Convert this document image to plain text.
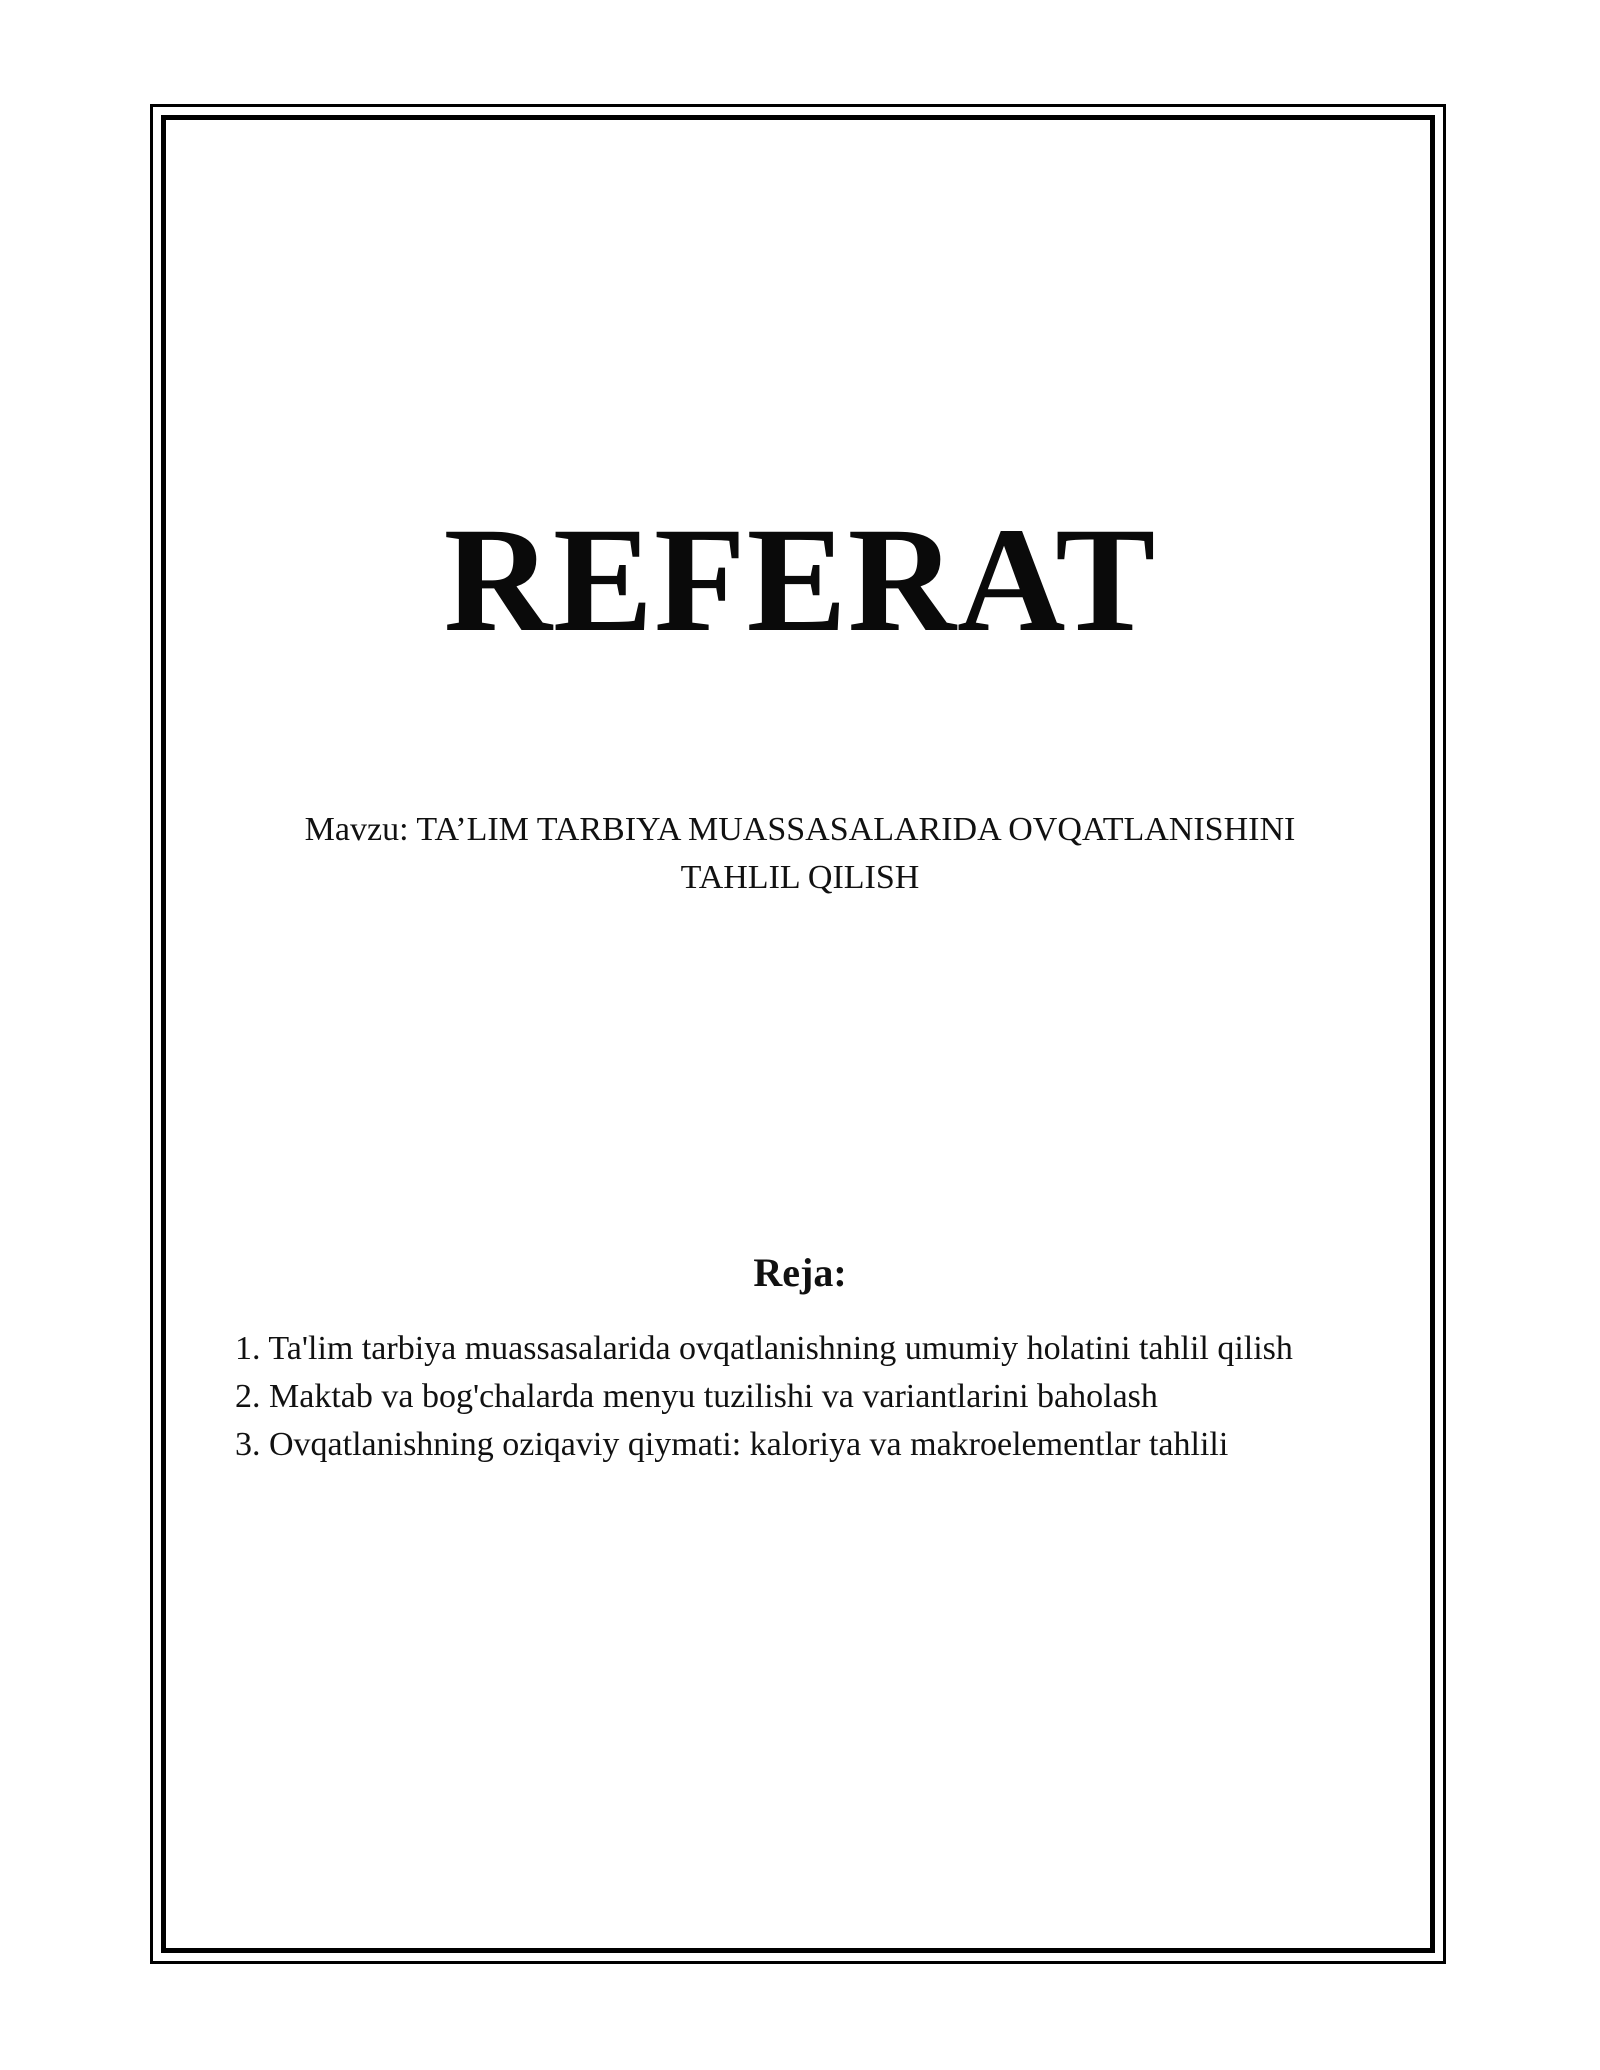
REFERAT
Mavzu: TA’LIM TARBIYA MUASSASALARIDA OVQATLANISHINI
TAHLIL QILISH
Reja:
1. Ta'lim tarbiya muassasalarida ovqatlanishning umumiy holatini tahlil qilish
2. Maktab va bog'chalarda menyu tuzilishi va variantlarini baholash
3. Ovqatlanishning oziqaviy qiymati: kaloriya va makroelementlar tahlili
